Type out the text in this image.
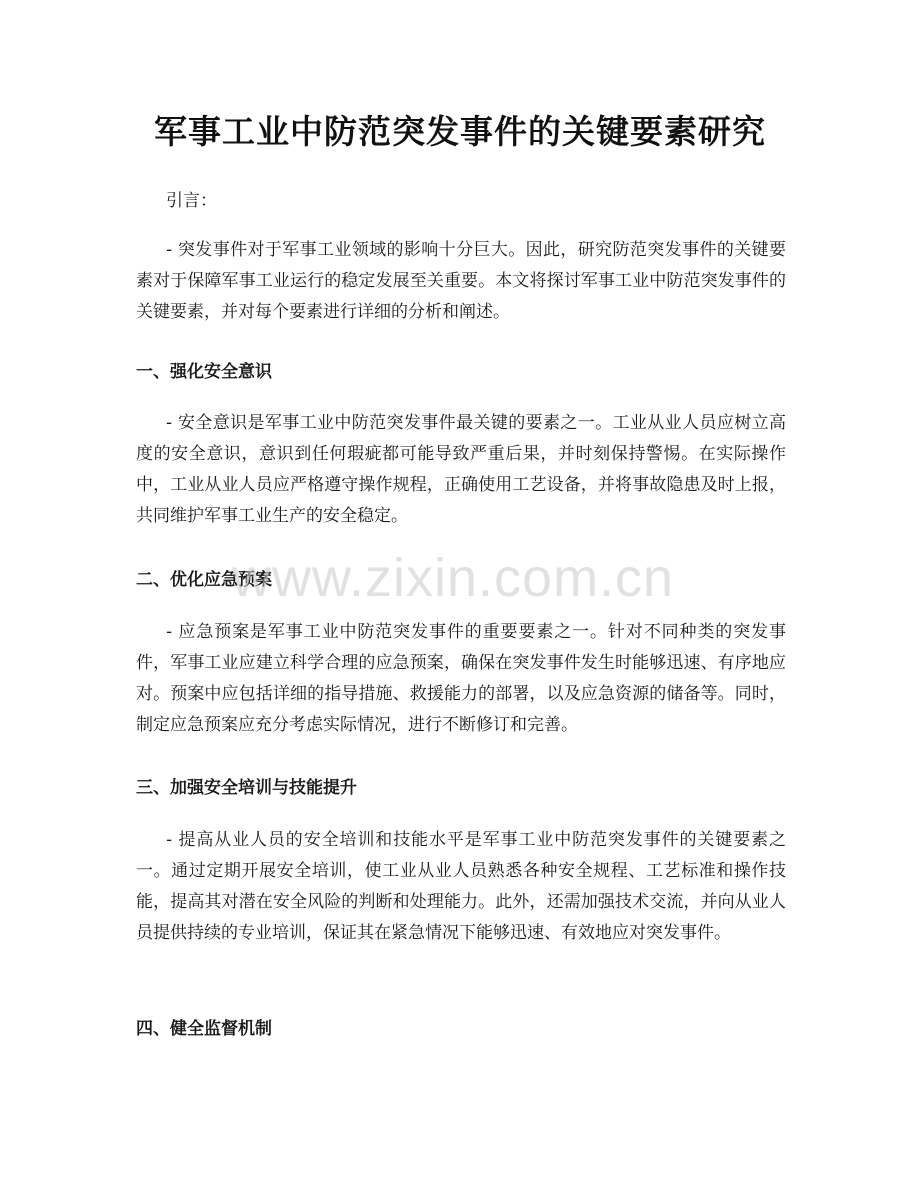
军事工业中防范突发事件的关键要素研究
引言：

- 突发事件对于军事工业领域的影响十分巨大。因此，研究防范突发事件的关键要素对于保障军事工业运行的稳定发展至关重要。本文将探讨军事工业中防范突发事件的关键要素，并对每个要素进行详细的分析和阐述。

一、强化安全意识

- 安全意识是军事工业中防范突发事件最关键的要素之一。工业从业人员应树立高度的安全意识，意识到任何瑕疵都可能导致严重后果，并时刻保持警惕。在实际操作中，工业从业人员应严格遵守操作规程，正确使用工艺设备，并将事故隐患及时上报，共同维护军事工业生产的安全稳定。

二、优化应急预案

- 应急预案是军事工业中防范突发事件的重要要素之一。针对不同种类的突发事件，军事工业应建立科学合理的应急预案，确保在突发事件发生时能够迅速、有序地应对。预案中应包括详细的指导措施、救援能力的部署，以及应急资源的储备等。同时，制定应急预案应充分考虑实际情况，进行不断修订和完善。

三、加强安全培训与技能提升

- 提高从业人员的安全培训和技能水平是军事工业中防范突发事件的关键要素之一。通过定期开展安全培训，使工业从业人员熟悉各种安全规程、工艺标准和操作技能，提高其对潜在安全风险的判断和处理能力。此外，还需加强技术交流，并向从业人员提供持续的专业培训，保证其在紧急情况下能够迅速、有效地应对突发事件。

四、健全监督机制
www.zixin.com.cn
